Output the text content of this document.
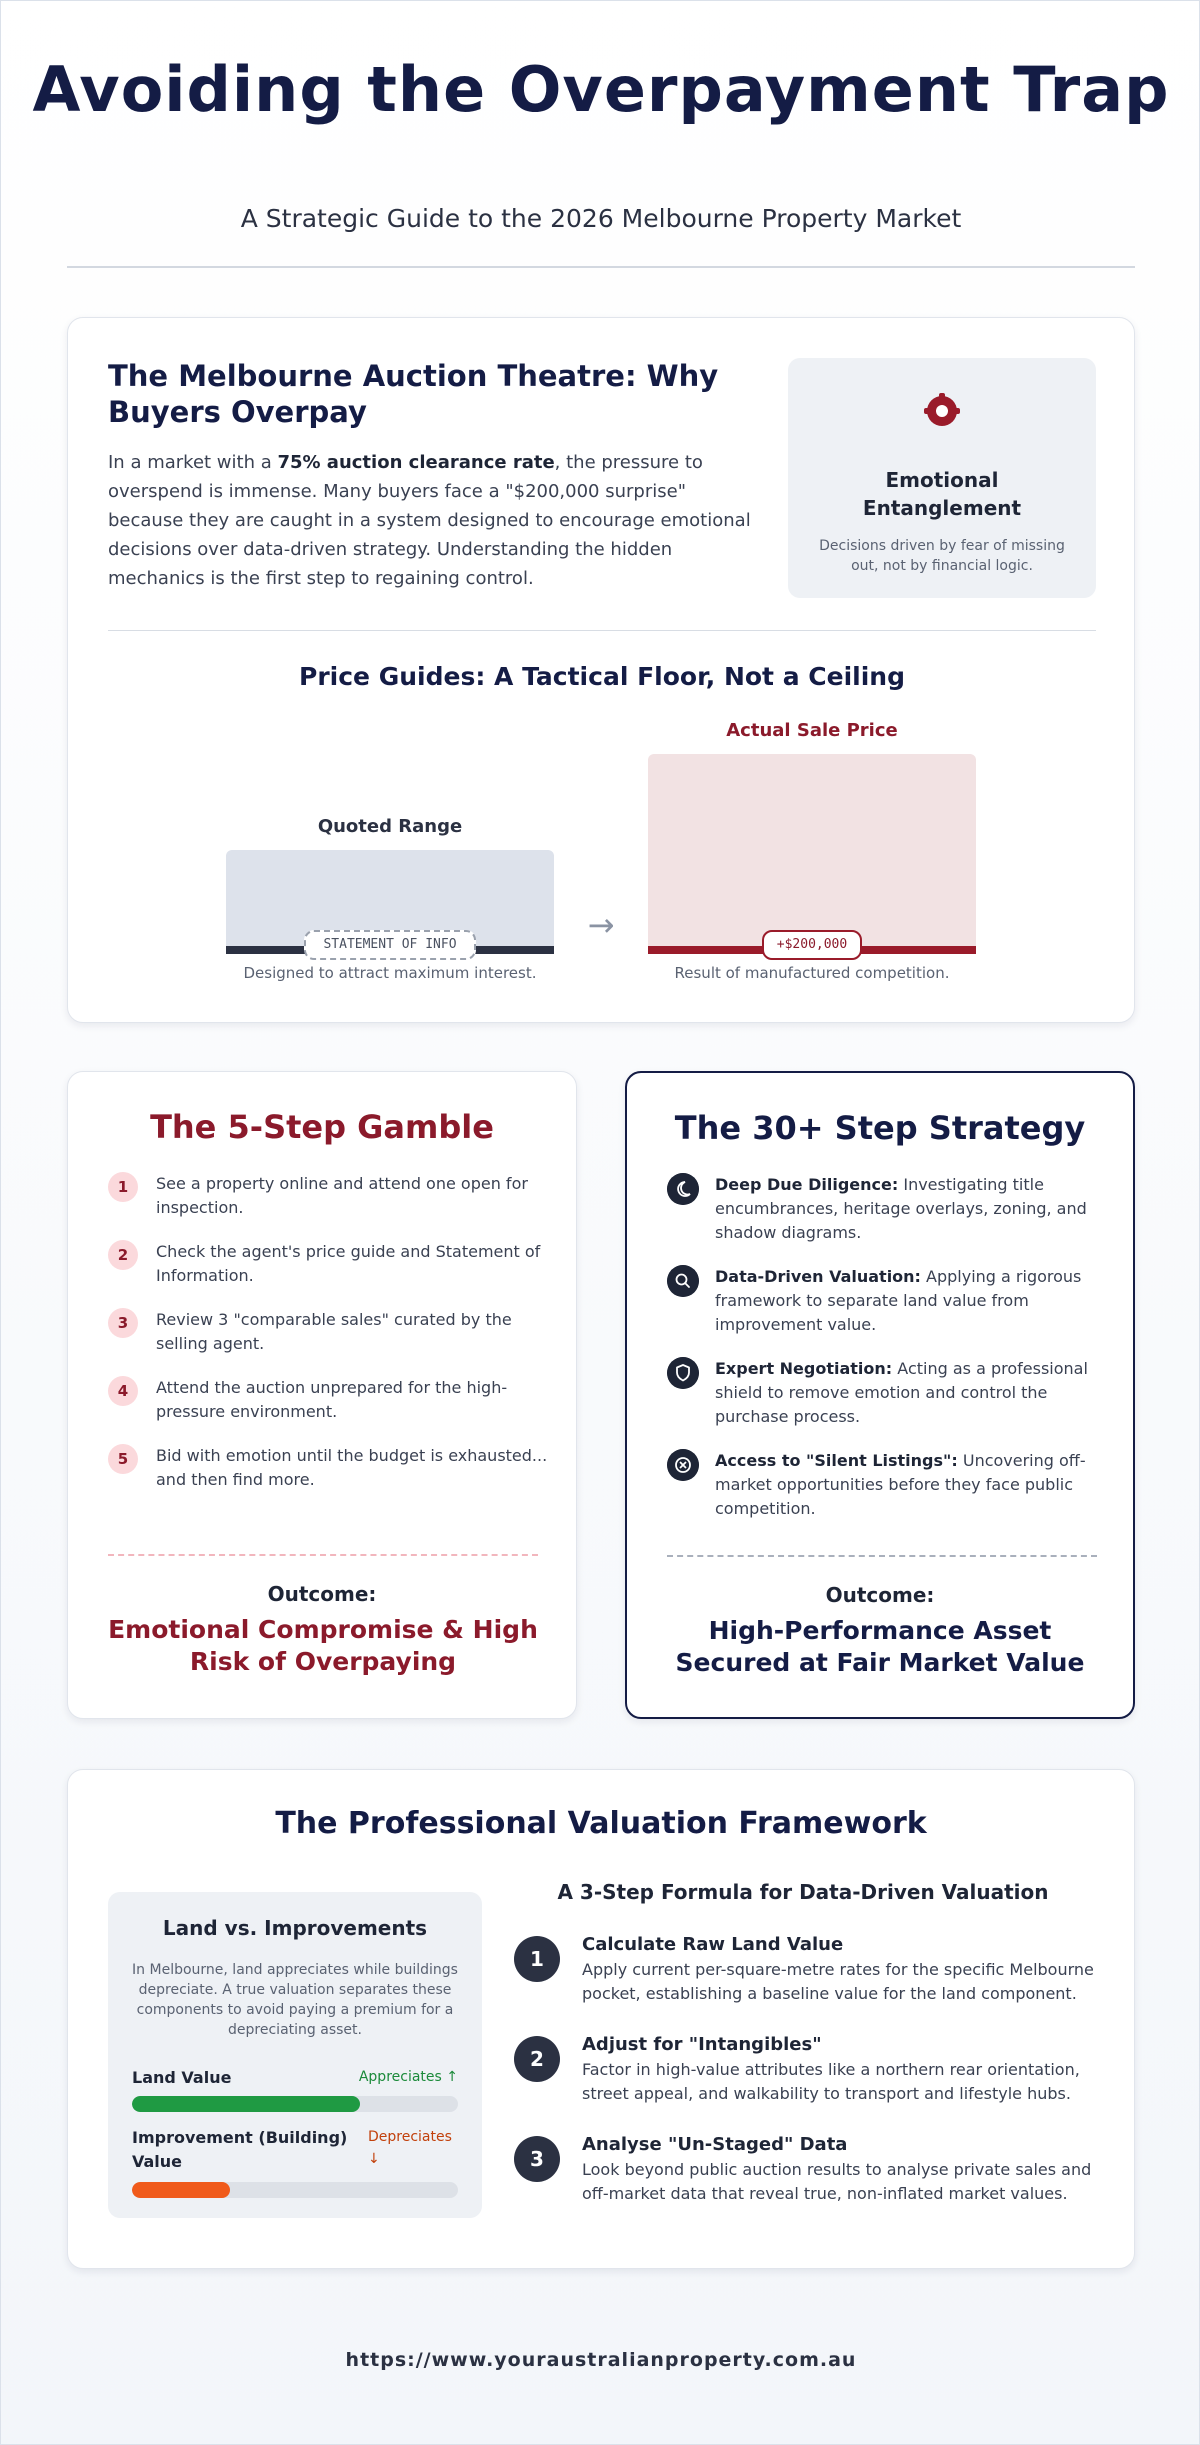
Avoiding the Overpayment Trap
A Strategic Guide to the 2026 Melbourne Property Market
The Melbourne Auction Theatre: Why Buyers Overpay

In a market with a 75% auction clearance rate, the pressure to overspend is immense. Many buyers face a "$200,000 surprise" because they are caught in a system designed to encourage emotional decisions over data-driven strategy. Understanding the hidden mechanics is the first step to regaining control.

Emotional Entanglement
Decisions driven by fear of missing out, not by financial logic.
Price Guides: A Tactical Floor, Not a Ceiling
Quoted Range
STATEMENT OF INFO
Designed to attract maximum interest.
→
Actual Sale Price
+$200,000
Result of manufactured competition.
The 5-Step Gamble
1	See a property online and attend one open for inspection.
2	Check the agent's price guide and Statement of Information.
3	Review 3 "comparable sales" curated by the selling agent.
4	Attend the auction unprepared for the high-pressure environment.
5	Bid with emotion until the budget is exhausted... and then find more.
Outcome:
Emotional Compromise & High Risk of Overpaying
The 30+ Step Strategy
Deep Due Diligence: Investigating title encumbrances, heritage overlays, zoning, and shadow diagrams.
Data-Driven Valuation: Applying a rigorous framework to separate land value from improvement value.
Expert Negotiation: Acting as a professional shield to remove emotion and control the purchase process.
Access to "Silent Listings": Uncovering off-market opportunities before they face public competition.
Outcome:
High-Performance Asset Secured at Fair Market Value
The Professional Valuation Framework
Land vs. Improvements
In Melbourne, land appreciates while buildings depreciate. A true valuation separates these components to avoid paying a premium for a depreciating asset.
Land Value	Appreciates ↑
Improvement (Building) Value
Depreciates ↓
A 3-Step Formula for Data-Driven Valuation
1
Calculate Raw Land Value
Apply current per-square-metre rates for the specific Melbourne pocket, establishing a baseline value for the land component.
2
Adjust for "Intangibles"
Factor in high-value attributes like a northern rear orientation, street appeal, and walkability to transport and lifestyle hubs.
3
Analyse "Un-Staged" Data
Look beyond public auction results to analyse private sales and off-market data that reveal true, non-inflated market values.
https://www.youraustralianproperty.com.au
